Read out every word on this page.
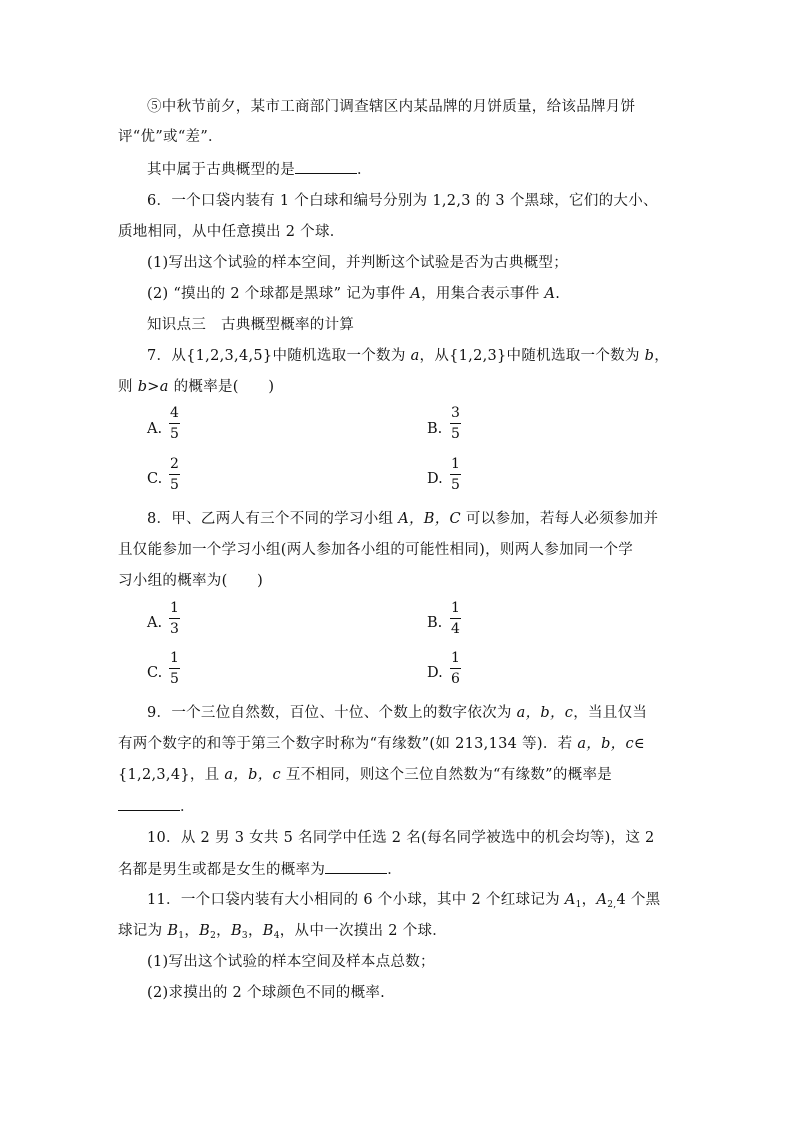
⑤中秋节前夕，某市工商部门调查辖区内某品牌的月饼质量，给该品牌月饼
评“优”或“差”．
其中属于古典概型的是	．
6．一个口袋内装有 1 个白球和编号分别为 1,2,3 的 3 个黑球，它们的大小、
质地相同，从中任意摸出 2 个球．
(1)写出这个试验的样本空间，并判断这个试验是否为古典概型；
(2) “摸出的 2 个球都是黑球” 记为事件 A，用集合表示事件 A.
知识点三　古典概型概率的计算
7．从{1,2,3,4,5}中随机选取一个数为 a，从{1,2,3}中随机选取一个数为 b，
则 b>a 的概率是(　　)
A.
4
5	B.
3
5
C.
2
5	D.
1
5
8．甲、乙两人有三个不同的学习小组 A，B，C 可以参加，若每人必须参加并
且仅能参加一个学习小组(两人参加各小组的可能性相同)，则两人参加同一个学
习小组的概率为(　　)
A.
1
3	B.
1
4
C.
1
5	D.
1
6
9．一个三位自然数，百位、十位、个数上的数字依次为 a，b，c，当且仅当
有两个数字的和等于第三个数字时称为“有缘数”(如 213,134 等)．若 a，b，c∈
{1,2,3,4}，且 a，b，c 互不相同，则这个三位自然数为“有缘数”的概率是
．
10．从 2 男 3 女共 5 名同学中任选 2 名(每名同学被选中的机会均等)，这 2
名都是男生或都是女生的概率为	．
11．一个口袋内装有大小相同的 6 个小球，其中 2 个红球记为 $A_1$，$A_{2,}4$ 个黑
球记为 $B_1$，$B_2$，$B_3$，$B_4$，从中一次摸出 2 个球．
(1)写出这个试验的样本空间及样本点总数；
(2)求摸出的 2 个球颜色不同的概率.
